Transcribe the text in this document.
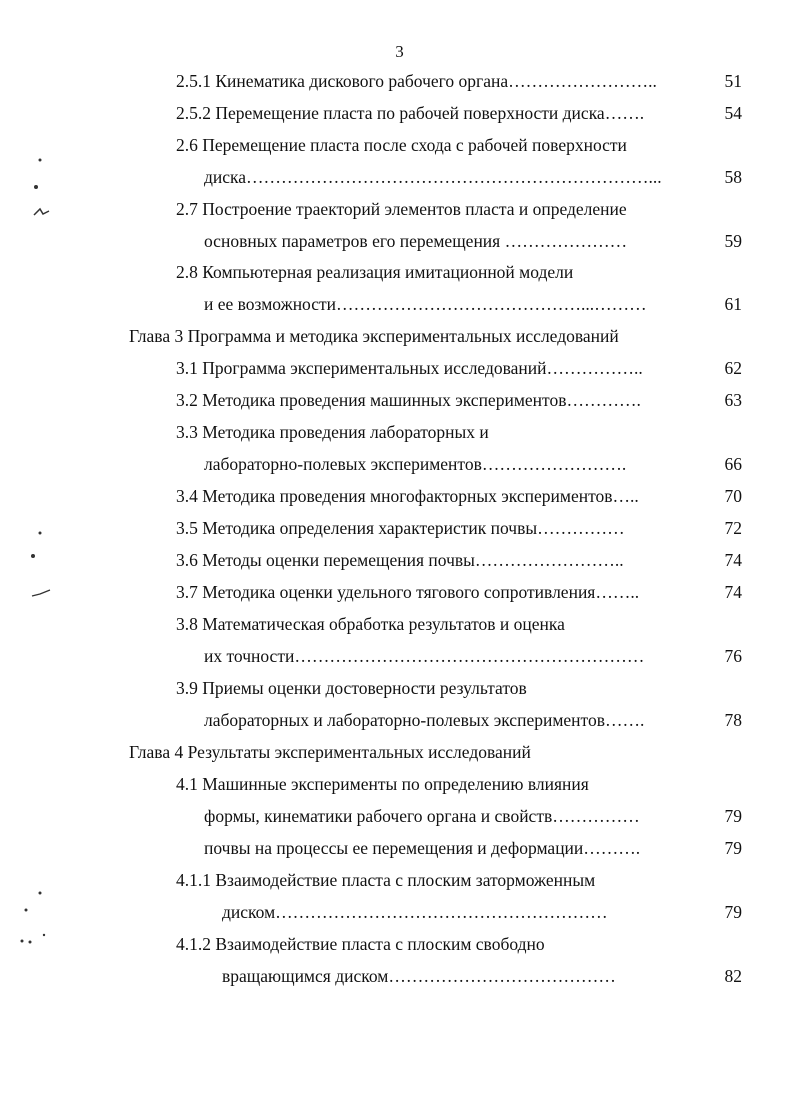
3
2.5.1 Кинематика дискового рабочего органа……………………..	51
2.5.2 Перемещение пласта по рабочей поверхности диска…….	54
2.6 Перемещение пласта после схода с рабочей поверхности
диска……………………………………………………………...	58
2.7 Построение траекторий элементов пласта и определение
основных параметров его перемещения …………………	59
2.8 Компьютерная реализация имитационной модели
и ее возможности……………………………………...………	61
Глава 3 Программа и методика экспериментальных исследований
3.1 Программа экспериментальных исследований……………..	62
3.2 Методика проведения машинных экспериментов………….	63
3.3 Методика проведения лабораторных и
лабораторно-полевых экспериментов…………………….	66
3.4 Методика проведения многофакторных экспериментов…..	70
3.5 Методика определения характеристик почвы……………	72
3.6 Методы оценки перемещения почвы……………………..	74
3.7 Методика оценки удельного тягового сопротивления……..	74
3.8 Математическая обработка результатов и оценка
их точности……………………………………………………	76
3.9 Приемы оценки достоверности результатов
лабораторных и лабораторно-полевых экспериментов…….	78
Глава 4 Результаты экспериментальных исследований
4.1 Машинные эксперименты по определению влияния
формы, кинематики рабочего органа и свойств……………	79
почвы на процессы ее перемещения и деформации……….	79
4.1.1 Взаимодействие пласта с плоским заторможенным
диском…………………………………………………	79
4.1.2 Взаимодействие пласта с плоским свободно
вращающимся диском…………………………………	82
